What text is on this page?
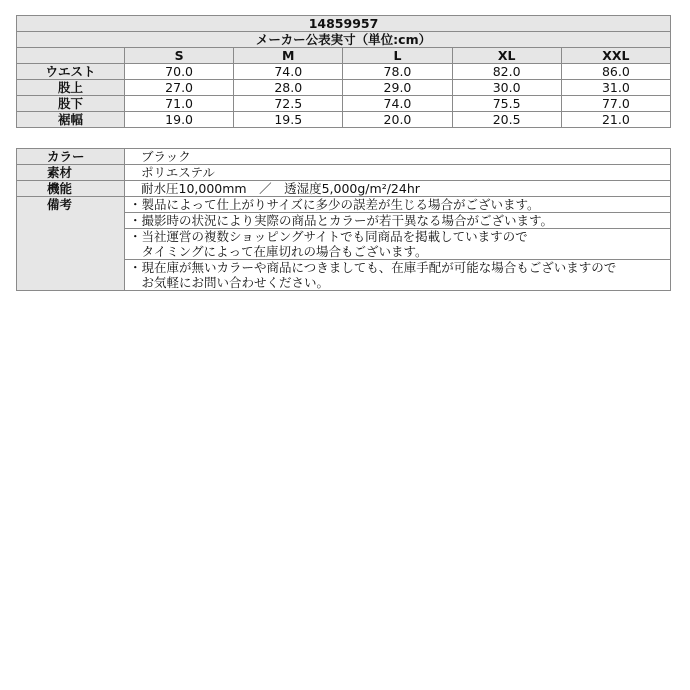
14859957					
メーカー公表実寸（単位:cm）					
	S	M	L	XL	XXL
ウエスト	70.0	74.0	78.0	82.0	86.0
股上	27.0	28.0	29.0	30.0	31.0
股下	71.0	72.5	74.0	75.5	77.0
裾幅	19.0	19.5	20.0	20.5	21.0
カラー	ブラック
素材	ポリエステル
機能	耐水圧10,000mm　／　透湿度5,000g/m²/24hr
備考	・製品によって仕上がりサイズに多少の誤差が生じる場合がございます。

	・撮影時の状況により実際の商品とカラーが若干異なる場合がございます。

	・当社運営の複数ショッピングサイトでも同商品を掲載していますので
　タイミングによって在庫切れの場合もございます。

	・現在庫が無いカラーや商品につきましても、在庫手配が可能な場合もございますので
　お気軽にお問い合わせください。
